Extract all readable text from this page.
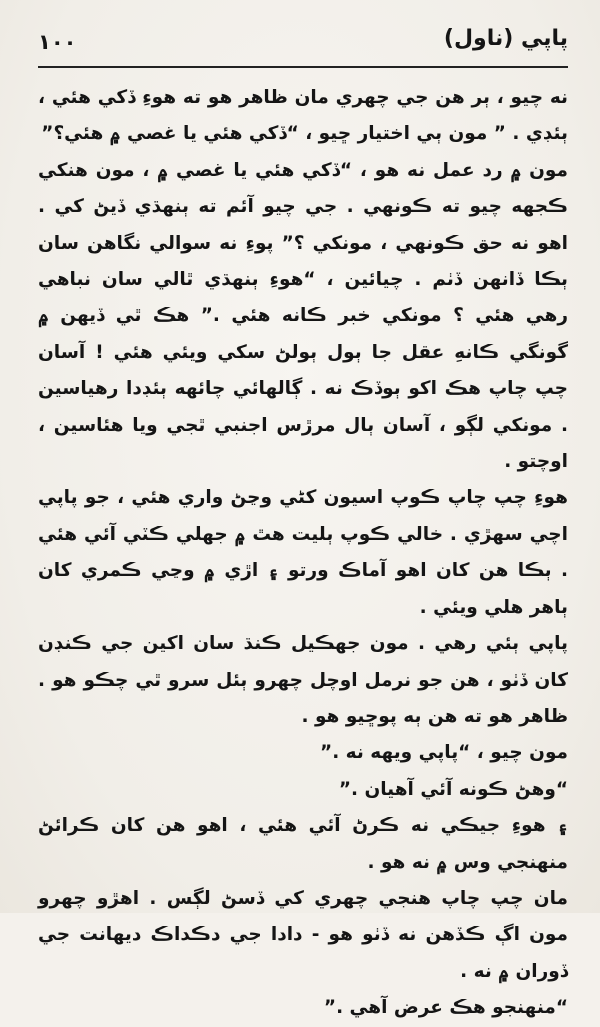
١٠٠	پاپي (ناول)

نه چيو ، ٻر هن جي چهري مان ظاهر هو ته هوءِ ڏکي هئي ، ٻئڊي . ” مون ٻي اختيار ڇيو ، “ڏکي هئي يا غصي ۾ هئي؟”

مون ۾ رد عمل نه هو ، “ڏکي هئي يا غصي ۾ ، مون هنکي ڪجهه چيو ته ڪونهي . جي چيو آئم ته ٻنهڌي ڏيڻ کي . اهو نه حق ڪونهي ، مونکي ؟” پوءِ نه سوالي نگاهن سان ٻڪا ڏانهن ڏٺم . چيائين ، “هوءِ ٻنهڌي ٿالي سان نباهي رهي هئي ؟ مونکي خبر ڪانه هئي .” هڪ ٿي ڏيهن ۾ گونگي ڪانهِ عقل جا ٻول ٻولڻ سکي ويئي هئي ! آسان چپ چاپ هڪ اکو ٻوڏڪ نه . ڳالهائي چائهه ٻئڊدا رهياسين . مونکي لڳو ، آسان ٻال مرڙس اجنبي ٿجي ويا هئاسين ، اوچتو .

هوءِ چپ چاپ ڪوپ اسيون کڻي وڃڻ واري هئي ، جو پاپي اچي سهڙي . خالي ڪوپ ٻليت هٿ ۾ جهلي ڪٽي آئي هئي . ٻڪا هن کان اهو آماڪ ورتو ۽ اڙي ۾ وڃي ڪمري کان ٻاهر هلي ويئي .

پاپي ٻئي رهي . مون جهڪيل ڪنڌ سان اکين جي ڪنڊن کان ڏٺو ، هن جو نرمل اوچل چهرو ٻئل سرو ٿي چڪو هو . ظاهر هو ته هن ٻه پوڇيو هو .

مون چيو ، “پاپي ويهه نه .”

“وهڻ ڪونه آئي آهيان .”

۽ هوءِ جيڪي نه ڪرڻ آئي هئي ، اهو هن کان ڪرائڻ منهنجي وس ۾ نه هو .

مان چپ چاپ هنجي چهري کي ڏسڻ لڳس . اهڙو چهرو مون اڳ ڪڏهن نه ڏٺو هو - دادا جي دڪداڪ ديهانت جي ڏوران ۾ نه .

“منهنجو هڪ عرض آهي .”
